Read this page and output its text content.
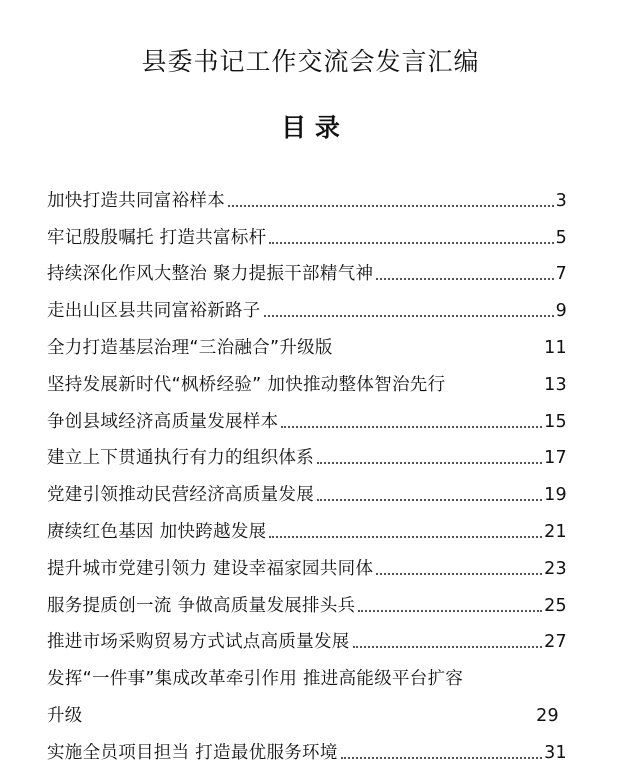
县委书记工作交流会发言汇编
目 录
加快打造共同富裕样本	3
牢记殷殷嘱托 打造共富标杆	5
持续深化作风大整治 聚力提振干部精气神	7
走出山区县共同富裕新路子	9
全力打造基层治理“三治融合”升级版	11
坚持发展新时代“枫桥经验” 加快推动整体智治先行	13
争创县域经济高质量发展样本	15
建立上下贯通执行有力的组织体系	17
党建引领推动民营经济高质量发展	19
赓续红色基因 加快跨越发展	21
提升城市党建引领力 建设幸福家园共同体	23
服务提质创一流 争做高质量发展排头兵	25
推进市场采购贸易方式试点高质量发展	27
发挥“一件事”集成改革牵引作用 推进高能级平台扩容
升级	29
实施全员项目担当 打造最优服务环境	31
